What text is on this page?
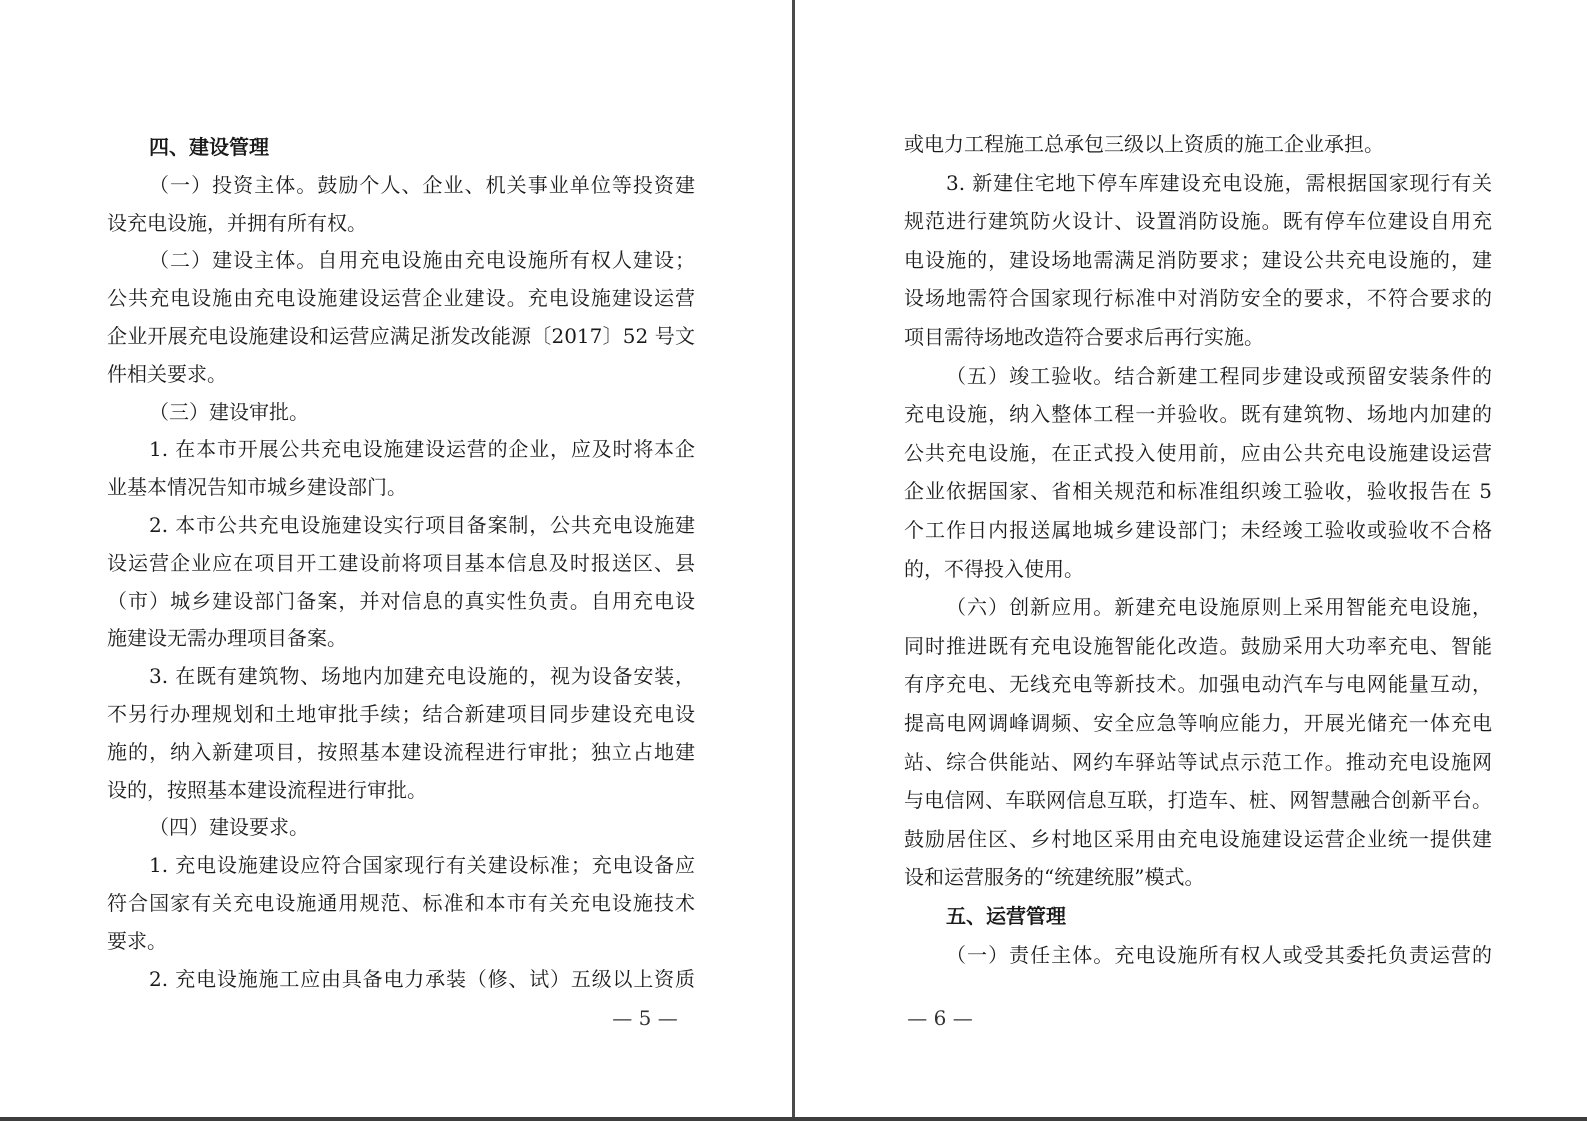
四、建设管理
（一）投资主体。鼓励个人、企业、机关事业单位等投资建
设充电设施，并拥有所有权。
（二）建设主体。自用充电设施由充电设施所有权人建设；
公共充电设施由充电设施建设运营企业建设。充电设施建设运营
企业开展充电设施建设和运营应满足浙发改能源〔2017〕52 号文
件相关要求。
（三）建设审批。
1. 在本市开展公共充电设施建设运营的企业，应及时将本企
业基本情况告知市城乡建设部门。
2. 本市公共充电设施建设实行项目备案制，公共充电设施建
设运营企业应在项目开工建设前将项目基本信息及时报送区、县
（市）城乡建设部门备案，并对信息的真实性负责。自用充电设
施建设无需办理项目备案。
3. 在既有建筑物、场地内加建充电设施的，视为设备安装，
不另行办理规划和土地审批手续；结合新建项目同步建设充电设
施的，纳入新建项目，按照基本建设流程进行审批；独立占地建
设的，按照基本建设流程进行审批。
（四）建设要求。
1. 充电设施建设应符合国家现行有关建设标准；充电设备应
符合国家有关充电设施通用规范、标准和本市有关充电设施技术
要求。
2. 充电设施施工应由具备电力承装（修、试）五级以上资质
— 5 —
或电力工程施工总承包三级以上资质的施工企业承担。
3. 新建住宅地下停车库建设充电设施，需根据国家现行有关
规范进行建筑防火设计、设置消防设施。既有停车位建设自用充
电设施的，建设场地需满足消防要求；建设公共充电设施的，建
设场地需符合国家现行标准中对消防安全的要求，不符合要求的
项目需待场地改造符合要求后再行实施。
（五）竣工验收。结合新建工程同步建设或预留安装条件的
充电设施，纳入整体工程一并验收。既有建筑物、场地内加建的
公共充电设施，在正式投入使用前，应由公共充电设施建设运营
企业依据国家、省相关规范和标准组织竣工验收，验收报告在 5
个工作日内报送属地城乡建设部门；未经竣工验收或验收不合格
的，不得投入使用。
（六）创新应用。新建充电设施原则上采用智能充电设施，
同时推进既有充电设施智能化改造。鼓励采用大功率充电、智能
有序充电、无线充电等新技术。加强电动汽车与电网能量互动，
提高电网调峰调频、安全应急等响应能力，开展光储充一体充电
站、综合供能站、网约车驿站等试点示范工作。推动充电设施网
与电信网、车联网信息互联，打造车、桩、网智慧融合创新平台。
鼓励居住区、乡村地区采用由充电设施建设运营企业统一提供建
设和运营服务的“统建统服”模式。
五、运营管理
（一）责任主体。充电设施所有权人或受其委托负责运营的
— 6 —
